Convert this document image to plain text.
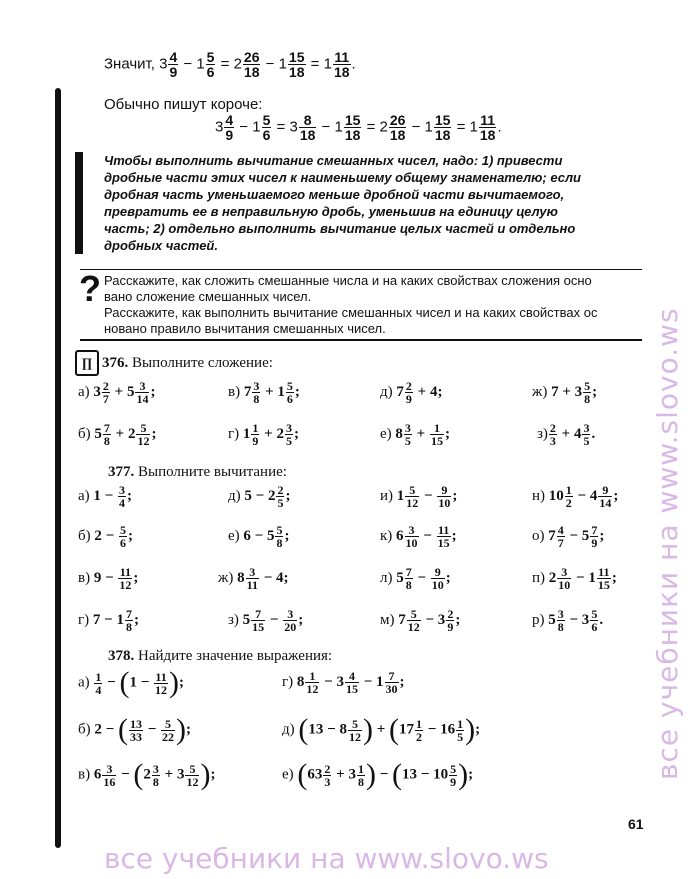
Значит, $3 \frac{4}{9} - 1 \frac{5}{6} = 2 \frac{26}{18} - 1 \frac{15}{18} = 1 \frac{11}{18}$ .
Обычно пишут короче:
$3 \frac{4}{9} - 1 \frac{5}{6} = 3 \frac{8}{18} - 1 \frac{15}{18} = 2 \frac{26}{18} - 1 \frac{15}{18} = 1 \frac{11}{18}$ .
Чтобы выполнить вычитание смешанных чисел, надо: 1) привести
дробные части этих чисел к наименьшему общему знаменателю; если
дробная часть уменьшаемого меньше дробной части вычитаемого,
превратить ее в неправильную дробь, уменьшив на единицу целую
часть; 2) отдельно выполнить вычитание целых частей и отдельно
дробных частей.
? Расскажите, как сложить смешанные числа и на каких свойствах сложения осно
вано сложение смешанных чисел.
Расскажите, как выполнить вычитание смешанных чисел и на каких свойствах ос
новано правило вычитания смешанных чисел.
∏ 376. Выполните сложение:
а) $3 \frac{2}{7} + 5 \frac{3}{14}$ ;	в) $7 \frac{3}{8} + 1 \frac{5}{6}$ ;	д) $7 \frac{2}{9} + 4$;	ж) $7 + 3 \frac{5}{8}$ ;
б) $5 \frac{7}{8} + 2 \frac{5}{12}$ ;	г) $1 \frac{1}{9} + 2 \frac{3}{5}$ ;	е) $8 \frac{3}{5} + \frac{1}{15}$ ;	$з) \frac{2}{3} + 4 \frac{3}{5}$ .
377. Выполните вычитание:
а) $1 - \frac{3}{4}$ ;	д) $5 - 2 \frac{2}{5}$ ;	и) $1 \frac{5}{12} - \frac{9}{10}$ ;	н) $10 \frac{1}{2} - 4 \frac{9}{14}$ ;
б) $2 - \frac{5}{6}$ ;	е) $6 - 5 \frac{5}{8}$ ;	к) $6 \frac{3}{10} - \frac{11}{15}$ ;	о) $7 \frac{4}{7} - 5 \frac{7}{9}$ ;
в) $9 - \frac{11}{12}$ ;	ж) $8 \frac{3}{11} - 4$;	л) $5 \frac{7}{8} - \frac{9}{10}$ ;	п) $2 \frac{3}{10} - 1 \frac{11}{15}$ ;
г) $7 - 1 \frac{7}{8}$ ;	з) $5 \frac{7}{15} - \frac{3}{20}$ ;	м) $7 \frac{5}{12} - 3 \frac{2}{9}$ ;	р) $5 \frac{3}{8} - 3 \frac{5}{6}$ .
378. Найдите значение выражения:
$а) \frac{1}{4} - (1 - \frac{11}{12}$ );	г) $8 \frac{1}{12} - 3 \frac{4}{15} - 1 \frac{7}{30}$ ;
б) 2 − ( $\frac{13}{33} - \frac{5}{22}$ );	д) ($13 - 8 \frac{5}{12}$ ) + ($17 \frac{1}{2} - 16 \frac{1}{5}$ );
в) $6 \frac{3}{16} - (2 \frac{3}{8} + 3 \frac{5}{12}$ );	е) ($63 \frac{2}{3} + 3 \frac{1}{8}$ ) − ($13 - 10 \frac{5}{9}$ );
61
все учебники на www.slovo.ws
все учебники на www.slovo.ws
